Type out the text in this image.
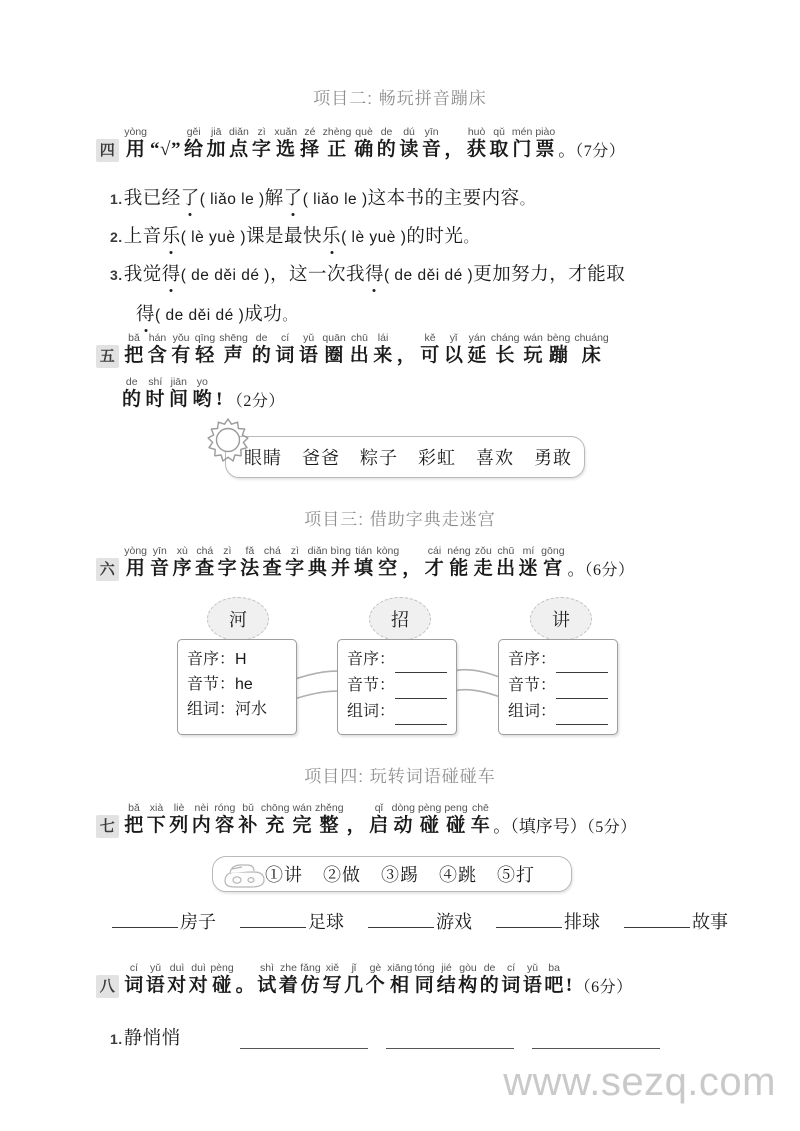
项目二: 畅玩拼音蹦床
四
yòng
用
“√”
gěi
给
jiā
加
diǎn
点
zì
字
xuǎn
选
zé
择
zhèng
正
què
确
de
的
dú
读
yīn
音
，
huò
获
qǔ
取
mén
门
piào
票 。（7分）
1.我已经了( liǎo le )解了( liǎo le )这本书的主要内容。
2.上音乐( lè yuè )课是最快乐( lè yuè )的时光。
3.我觉得( de děi dé )，这一次我得( de děi dé )更加努力，才能取
得( de děi dé )成功。
五
bǎ
把
hán
含
yǒu
有
qīng
轻
shēng
声
de
的
cí
词
yǔ
语
quān
圈
chū
出
lái
来
，
kě
可
yǐ
以
yán
延
cháng
长
wán
玩
bèng
蹦
chuáng
床
de
的
shí
时
jiān
间
yo
哟
! （2分）
眼睛 爸爸 粽子 彩虹 喜欢 勇敢
项目三: 借助字典走迷宫
六
yòng
用
yīn
音
xù
序
chá
查
zì
字
fǎ
法
chá
查
zì
字
diǎn
典
bìng
并
tián
填
kòng
空
，
cái
才
néng
能
zǒu
走
chū
出
mí
迷
gōng
宫 。（6分）
河	招	讲
音序：H
音节：he
组词：河水
音序：
音节：
组词：
音序：
音节：
组词：
项目四: 玩转词语碰碰车
七
bǎ
把
xià
下
liè
列
nèi
内
róng
容
bǔ
补
chōng
充
wán
完
zhěng
整
，
qǐ
启
dòng
动
pèng
碰
peng
碰
chē
车 。（填序号）（5分）
①讲 ②做 ③踢 ④跳 ⑤打
房子	足球	游戏	排球	故事
八
cí
词
yǔ
语
duì
对
duì
对
pèng
碰
。
shì
试
zhe
着
fǎng
仿
xiě
写
jǐ
几
gè
个
xiāng
相
tóng
同
jié
结
gòu
构
de
的
cí
词
yǔ
语
ba
吧
! （6分）
1.静悄悄
www.sezq.com
